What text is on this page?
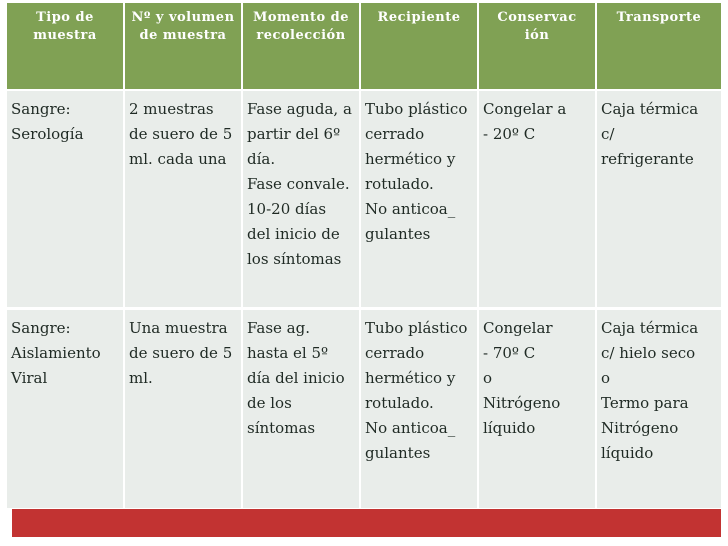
Tipo de muestra
Nº y volumen de muestra
Momento de recolección
Recipiente	Conservación
Transporte
Sangre:
Serología
2 muestras
de suero de 5
ml. cada una
Fase aguda, a
partir del 6º
día.
Fase convale.
10-20 días
del inicio de
los síntomas
Tubo plástico
cerrado
hermético y
rotulado.
No anticoa_
gulantes
Congelar a
- 20º C
Caja térmica
c/
refrigerante
Sangre:
Aislamiento
Viral
Una muestra
de suero de 5
ml.
Fase ag.
hasta el 5º
día del inicio
de los
síntomas
Tubo plástico
cerrado
hermético y
rotulado.
No anticoa_
gulantes
Congelar
- 70º C
o
Nitrógeno
líquido
Caja térmica
c/ hielo seco
o
Termo para
Nitrógeno
líquido
